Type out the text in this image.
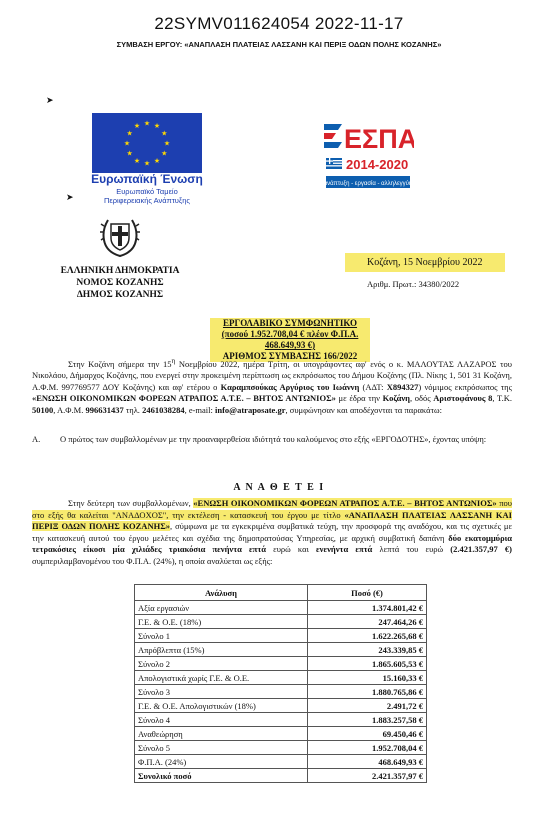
22SYMV011624054 2022-11-17
ΣΥΜΒΑΣΗ ΕΡΓΟΥ: «ΑΝΑΠΛΑΣΗ ΠΛΑΤΕΙΑΣ ΛΑΣΣΑΝΗ ΚΑΙ ΠΕΡΙΞ ΟΔΩΝ ΠΟΛΗΣ ΚΟΖΑΝΗΣ»
➤
➤
★ ★
★
★
★
★
★
★
★
★
★
★
Ευρωπαϊκή Ένωση
Ευρωπαϊκό Ταμείο
Περιφερειακής Ανάπτυξης
ΕΣΠΑ
2014-2020
ανάπτυξη - εργασία - αλληλεγγύη
ΕΛΛΗΝΙΚΗ ΔΗΜΟΚΡΑΤΙΑ
ΝΟΜΟΣ ΚΟΖΑΝΗΣ
ΔΗΜΟΣ ΚΟΖΑΝΗΣ
Κοζάνη, 15 Νοεμβρίου 2022
Αριθμ. Πρωτ.: 34380/2022
ΕΡΓΟΛΑΒΙΚΟ ΣΥΜΦΩΝΗΤΙΚΟ
(ποσού 1.952.708,04 € πλέον Φ.Π.Α. 468.649,93 €)
ΑΡΙΘΜΟΣ ΣΥΜΒΑΣΗΣ 166/2022
Στην Κοζάνη σήμερα την $15^\eta$ Νοεμβρίου 2022, ημέρα Τρίτη, οι υπογράφοντες αφ' ενός ο κ. ΜΑΛΟΥΤΑΣ ΛΑΖΑΡΟΣ του Νικολάου, Δήμαρχος Κοζάνης, που ενεργεί στην προκειμένη περίπτωση ως εκπρόσωπος του Δήμου Κοζάνης (Πλ. Νίκης 1, 501 31 Κοζάνη, Α.Φ.Μ. 997769577 ΔΟΥ Κοζάνης) και αφ' ετέρου ο Καραμπσούκας Αργύριος του Ιωάννη (ΑΔΤ: Χ894327) νόμιμος εκπρόσωπος της «ΕΝΩΣΗ ΟΙΚΟΝΟΜΙΚΩΝ ΦΟΡΕΩΝ ΑΤΡΑΠΟΣ Α.Τ.Ε. – ΒΗΤΟΣ ΑΝΤΩΝΙΟΣ» με έδρα την Κοζάνη, οδός Αριστοφάνους 8, Τ.Κ. 50100, Α.Φ.Μ. 996631437 τηλ. 2461038284, e-mail: info@atraposate.gr, συμφώνησαν και αποδέχονται τα παρακάτω:
Α. Ο πρώτος των συμβαλλομένων με την προαναφερθείσα ιδιότητά του καλούμενος στο εξής «ΕΡΓΟΔΟΤΗΣ», έχοντας υπόψη:
Α Ν Α Θ Ε Τ Ε Ι
Στην δεύτερη των συμβαλλομένων, «ΕΝΩΣΗ ΟΙΚΟΝΟΜΙΚΩΝ ΦΟΡΕΩΝ ΑΤΡΑΠΟΣ Α.Τ.Ε. – ΒΗΤΟΣ ΑΝΤΩΝΙΟΣ» που στο εξής θα καλείται "ΑΝΑΔΟΧΟΣ", την εκτέλεση - κατασκευή του έργου με τίτλο «ΑΝΑΠΛΑΣΗ ΠΛΑΤΕΙΑΣ ΛΑΣΣΑΝΗ ΚΑΙ ΠΕΡΙΞ ΟΔΩΝ ΠΟΛΗΣ ΚΟΖΑΝΗΣ», σύμφωνα με τα εγκεκριμένα συμβατικά τεύχη, την προσφορά της αναδόχου, και τις σχετικές με την κατασκευή αυτού του έργου μελέτες και σχέδια της δημοπρατούσας Υπηρεσίας, με αρχική συμβατική δαπάνη δύο εκατομμύρια τετρακόσιες είκοσι μία χιλιάδες τριακόσια πενήντα επτά ευρώ και ενενήντα επτά λεπτά του ευρώ (2.421.357,97 €) συμπεριλαμβανομένου του Φ.Π.Α. (24%), η οποία αναλύεται ως εξής:
Ανάλυση	Ποσό (€)
Αξία εργασιών	1.374.801,42 €
Γ.Ε. & Ο.Ε. (18%)	247.464,26 €
Σύνολο 1	1.622.265,68 €
Απρόβλεπτα (15%)	243.339,85 €
Σύνολο 2	1.865.605,53 €
Απολογιστικά χωρίς Γ.Ε. & Ο.Ε.	15.160,33 €
Σύνολο 3	1.880.765,86 €
Γ.Ε. & Ο.Ε. Απολογιστικών (18%)	2.491,72 €
Σύνολο 4	1.883.257,58 €
Αναθεώρηση	69.450,46 €
Σύνολο 5	1.952.708,04 €
Φ.Π.Α. (24%)	468.649,93 €
Συνολικό ποσό	2.421.357,97 €
